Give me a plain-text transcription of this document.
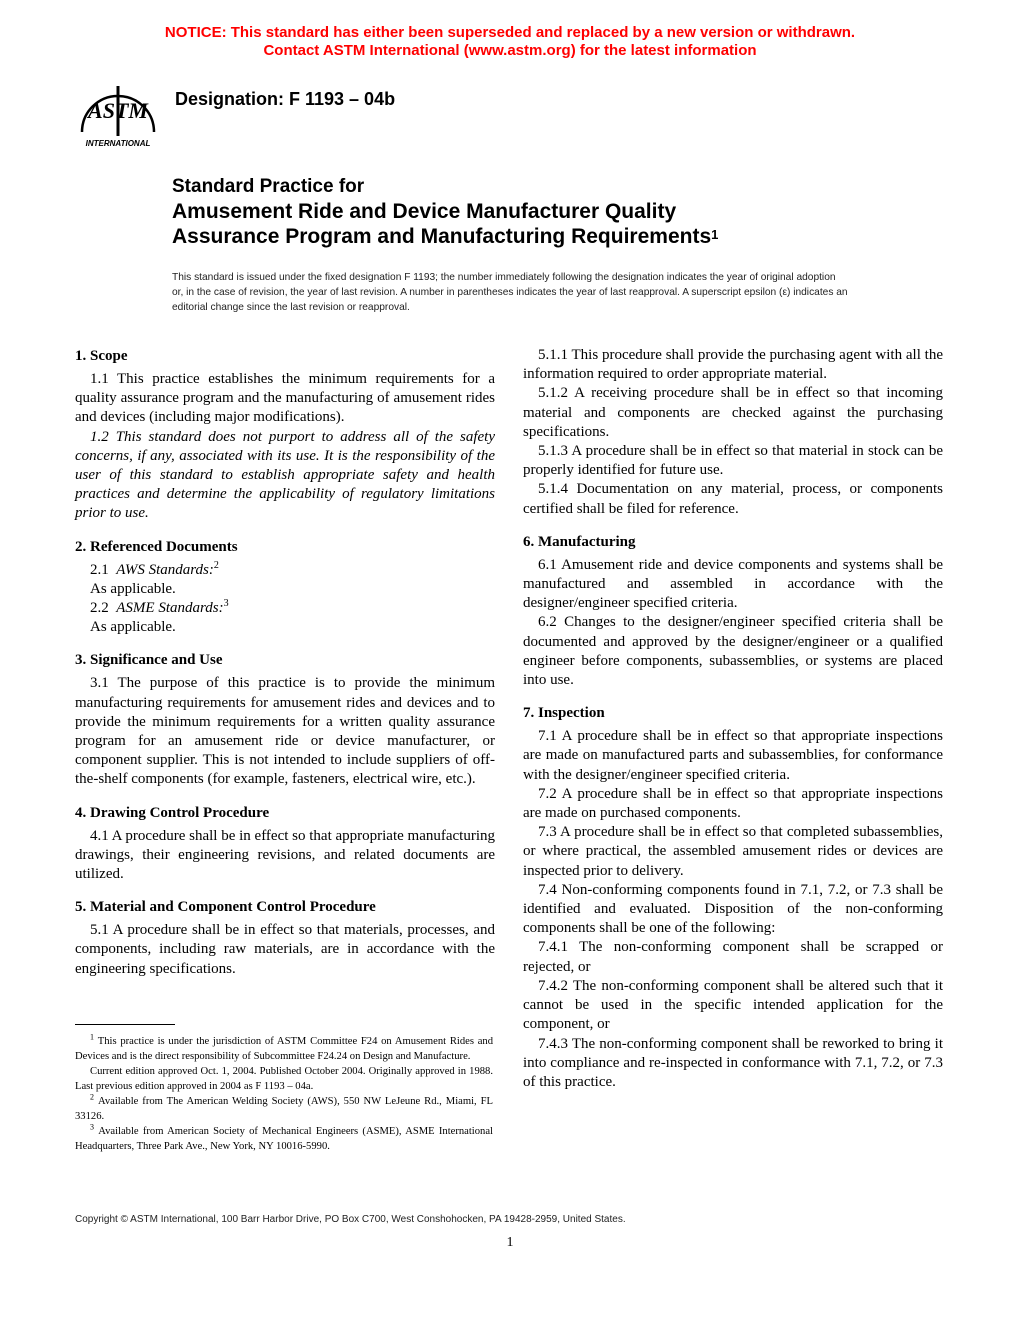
NOTICE: This standard has either been superseded and replaced by a new version or withdrawn.
Contact ASTM International (www.astm.org) for the latest information
ASTM
INTERNATIONAL
Designation: F 1193 – 04b
Standard Practice for
Amusement Ride and Device Manufacturer Quality
Assurance Program and Manufacturing Requirements$^1$
This standard is issued under the fixed designation F 1193; the number immediately following the designation indicates the year of original adoption or, in the case of revision, the year of last revision. A number in parentheses indicates the year of last reapproval. A superscript epsilon (ε) indicates an editorial change since the last revision or reapproval.
1. Scope

1.1 This practice establishes the minimum requirements for a quality assurance program and the manufacturing of amusement rides and devices (including major modifications).

1.2 This standard does not purport to address all of the safety concerns, if any, associated with its use. It is the responsibility of the user of this standard to establish appropriate safety and health practices and determine the applicability of regulatory limitations prior to use.

2. Referenced Documents

2.1 AWS Standards:$^2$

As applicable.

2.2 ASME Standards:$^3$

As applicable.

3. Significance and Use

3.1 The purpose of this practice is to provide the minimum manufacturing requirements for amusement rides and devices and to provide the minimum requirements for a written quality assurance program for an amusement ride or device manufacturer, or component supplier. This is not intended to include suppliers of off-the-shelf components (for example, fasteners, electrical wire, etc.).

4. Drawing Control Procedure

4.1 A procedure shall be in effect so that appropriate manufacturing drawings, their engineering revisions, and related documents are utilized.

5. Material and Component Control Procedure

5.1 A procedure shall be in effect so that materials, processes, and components, including raw materials, are in accordance with the engineering specifications.

5.1.1 This procedure shall provide the purchasing agent with all the information required to order appropriate material.

5.1.2 A receiving procedure shall be in effect so that incoming material and components are checked against the purchasing specifications.

5.1.3 A procedure shall be in effect so that material in stock can be properly identified for future use.

5.1.4 Documentation on any material, process, or components certified shall be filed for reference.

6. Manufacturing

6.1 Amusement ride and device components and systems shall be manufactured and assembled in accordance with the designer/engineer specified criteria.

6.2 Changes to the designer/engineer specified criteria shall be documented and approved by the designer/engineer or a qualified engineer before components, subassemblies, or systems are placed into use.

7. Inspection

7.1 A procedure shall be in effect so that appropriate inspections are made on manufactured parts and subassemblies, for conformance with the designer/engineer specified criteria.

7.2 A procedure shall be in effect so that appropriate inspections are made on purchased components.

7.3 A procedure shall be in effect so that completed subassemblies, or where practical, the assembled amusement rides or devices are inspected prior to delivery.

7.4 Non-conforming components found in 7.1, 7.2, or 7.3 shall be identified and evaluated. Disposition of the non-conforming components shall be one of the following:

7.4.1 The non-conforming component shall be scrapped or rejected, or

7.4.2 The non-conforming component shall be altered such that it cannot be used in the specific intended application for the component, or

7.4.3 The non-conforming component shall be reworked to bring it into compliance and re-inspected in conformance with 7.1, 7.2, or 7.3 of this practice.

$^1$ This practice is under the jurisdiction of ASTM Committee F24 on Amusement Rides and Devices and is the direct responsibility of Subcommittee F24.24 on Design and Manufacture.

Current edition approved Oct. 1, 2004. Published October 2004. Originally approved in 1988. Last previous edition approved in 2004 as F 1193 – 04a.

$^2$ Available from The American Welding Society (AWS), 550 NW LeJeune Rd., Miami, FL 33126.

$^3$ Available from American Society of Mechanical Engineers (ASME), ASME International Headquarters, Three Park Ave., New York, NY 10016-5990.

Copyright © ASTM International, 100 Barr Harbor Drive, PO Box C700, West Conshohocken, PA 19428-2959, United States.
1
